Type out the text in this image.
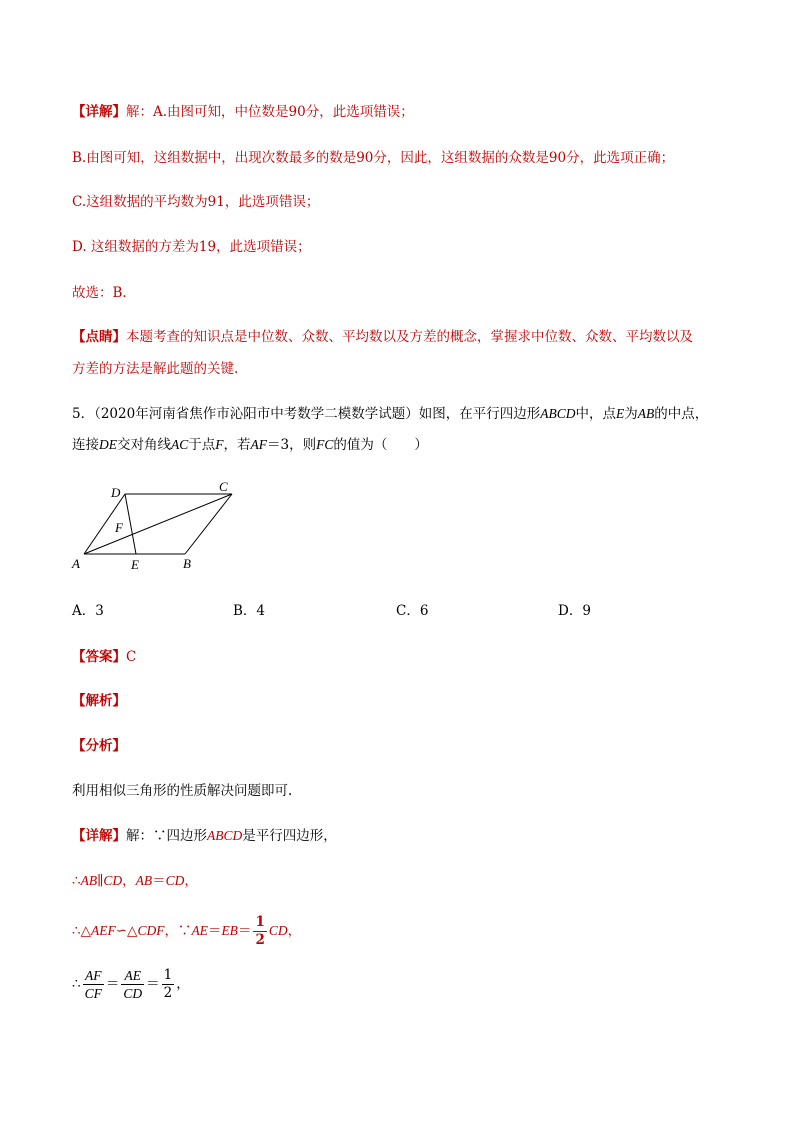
【详解】解：A.由图可知，中位数是90分，此选项错误；
B.由图可知，这组数据中，出现次数最多的数是90分，因此，这组数据的众数是90分，此选项正确；
C.这组数据的平均数为91，此选项错误；
D. 这组数据的方差为19，此选项错误；
故选：B.
【点睛】本题考查的知识点是中位数、众数、平均数以及方差的概念，掌握求中位数、众数、平均数以及
方差的方法是解此题的关键.
5．（2020年河南省焦作市沁阳市中考数学二模数学试题）如图，在平行四边形ABCD中，点E为AB的中点，
连接DE交对角线AC于点F，若AF＝3，则FC的值为（　　）
A	E	B
D	C
F
A．3	B．4	C．6	D．9
【答案】C
【解析】
【分析】
利用相似三角形的性质解决问题即可.
【详解】解：∵四边形ABCD是平行四边形，
∴AB∥CD，AB＝CD，
∴△AEF∽△CDF，∵AE＝EB＝ $\frac{1}{2}$ CD，
∴ $\frac{AF}{CF} = \frac{AE}{CD} = \frac{1}{2}$ ，
